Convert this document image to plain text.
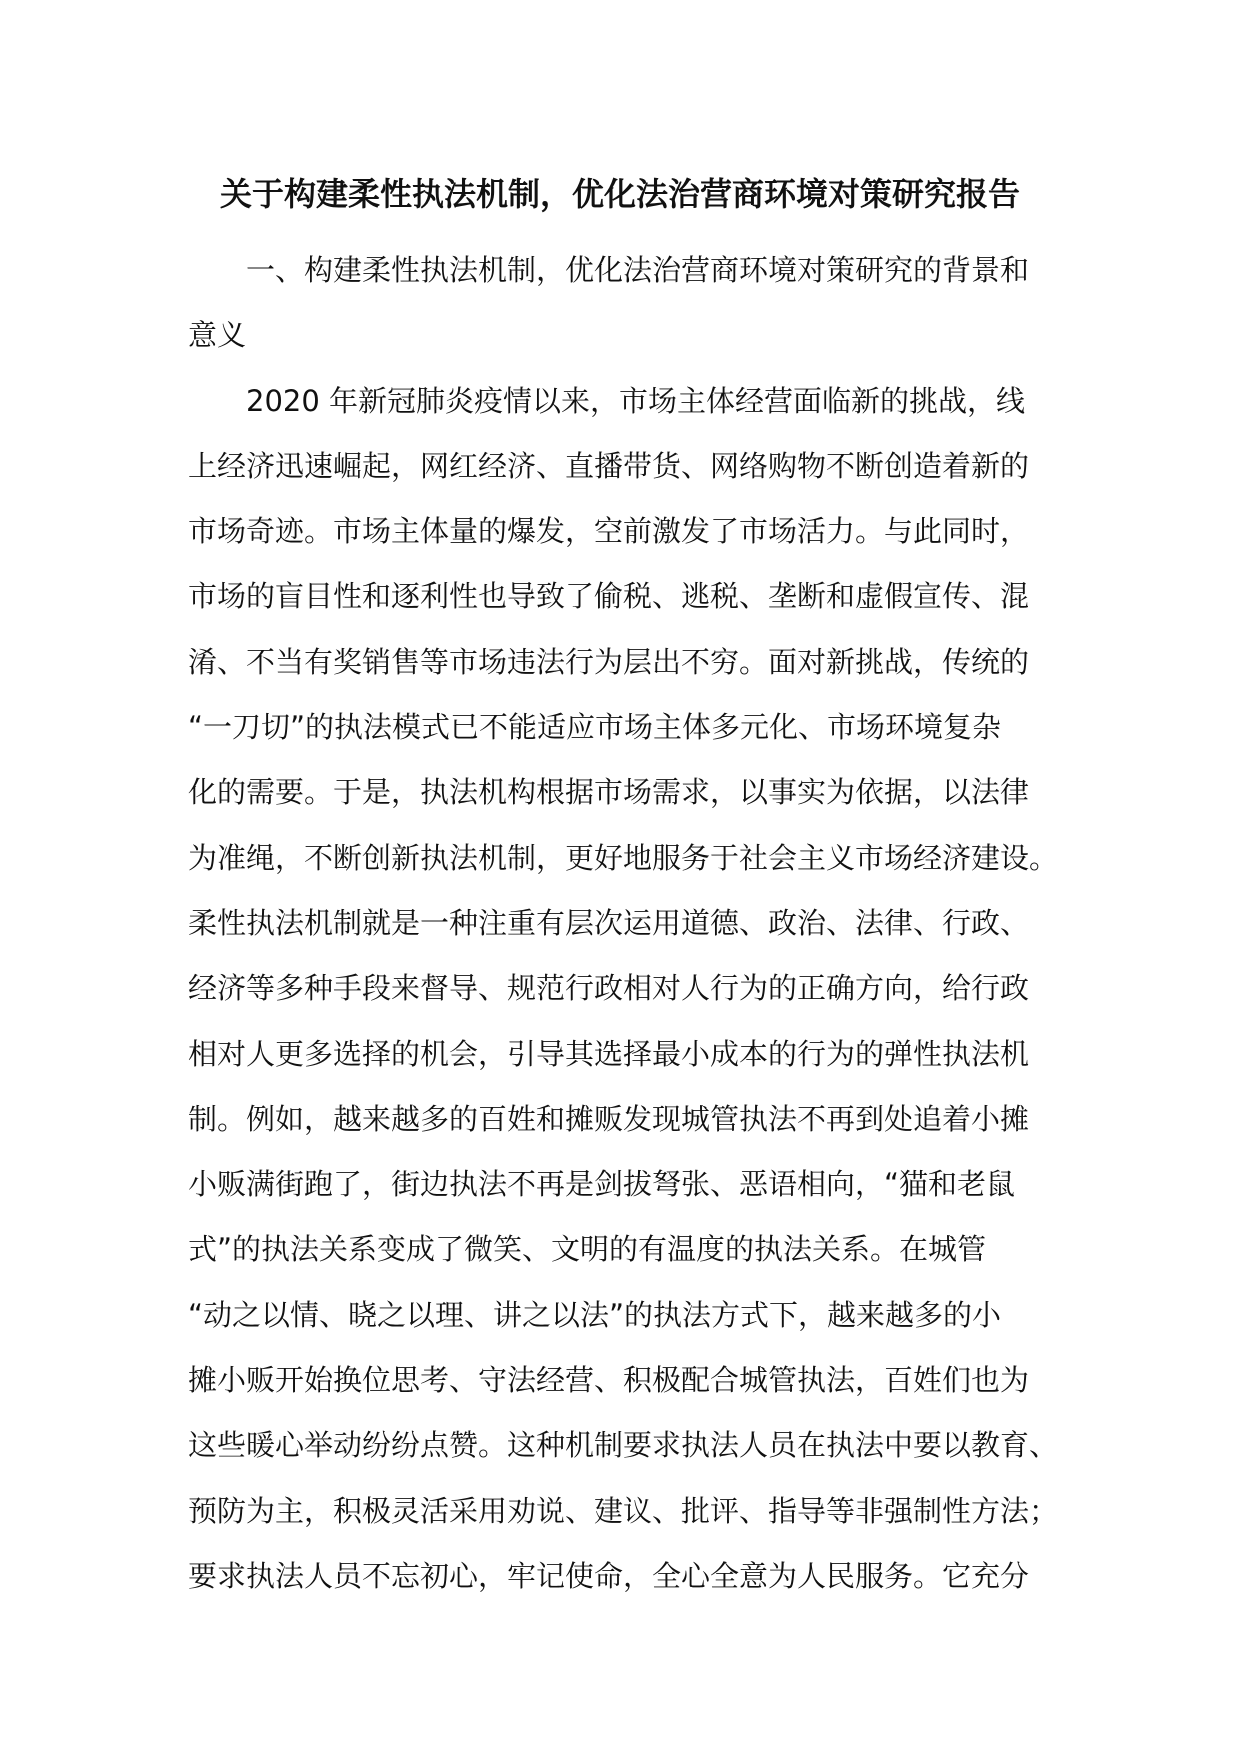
关于构建柔性执法机制，优化法治营商环境对策研究报告
一、构建柔性执法机制，优化法治营商环境对策研究的背景和
意义
2020 年新冠肺炎疫情以来，市场主体经营面临新的挑战，线
上经济迅速崛起，网红经济、直播带货、网络购物不断创造着新的
市场奇迹。市场主体量的爆发，空前激发了市场活力。与此同时，
市场的盲目性和逐利性也导致了偷税、逃税、垄断和虚假宣传、混
淆、不当有奖销售等市场违法行为层出不穷。面对新挑战，传统的
“一刀切”的执法模式已不能适应市场主体多元化、市场环境复杂
化的需要。于是，执法机构根据市场需求，以事实为依据，以法律
为准绳，不断创新执法机制，更好地服务于社会主义市场经济建设。
柔性执法机制就是一种注重有层次运用道德、政治、法律、行政、
经济等多种手段来督导、规范行政相对人行为的正确方向，给行政
相对人更多选择的机会，引导其选择最小成本的行为的弹性执法机
制。例如，越来越多的百姓和摊贩发现城管执法不再到处追着小摊
小贩满街跑了，街边执法不再是剑拔弩张、恶语相向，“猫和老鼠
式”的执法关系变成了微笑、文明的有温度的执法关系。在城管
“动之以情、晓之以理、讲之以法”的执法方式下，越来越多的小
摊小贩开始换位思考、守法经营、积极配合城管执法，百姓们也为
这些暖心举动纷纷点赞。这种机制要求执法人员在执法中要以教育、
预防为主，积极灵活采用劝说、建议、批评、指导等非强制性方法；
要求执法人员不忘初心，牢记使命，全心全意为人民服务。它充分
